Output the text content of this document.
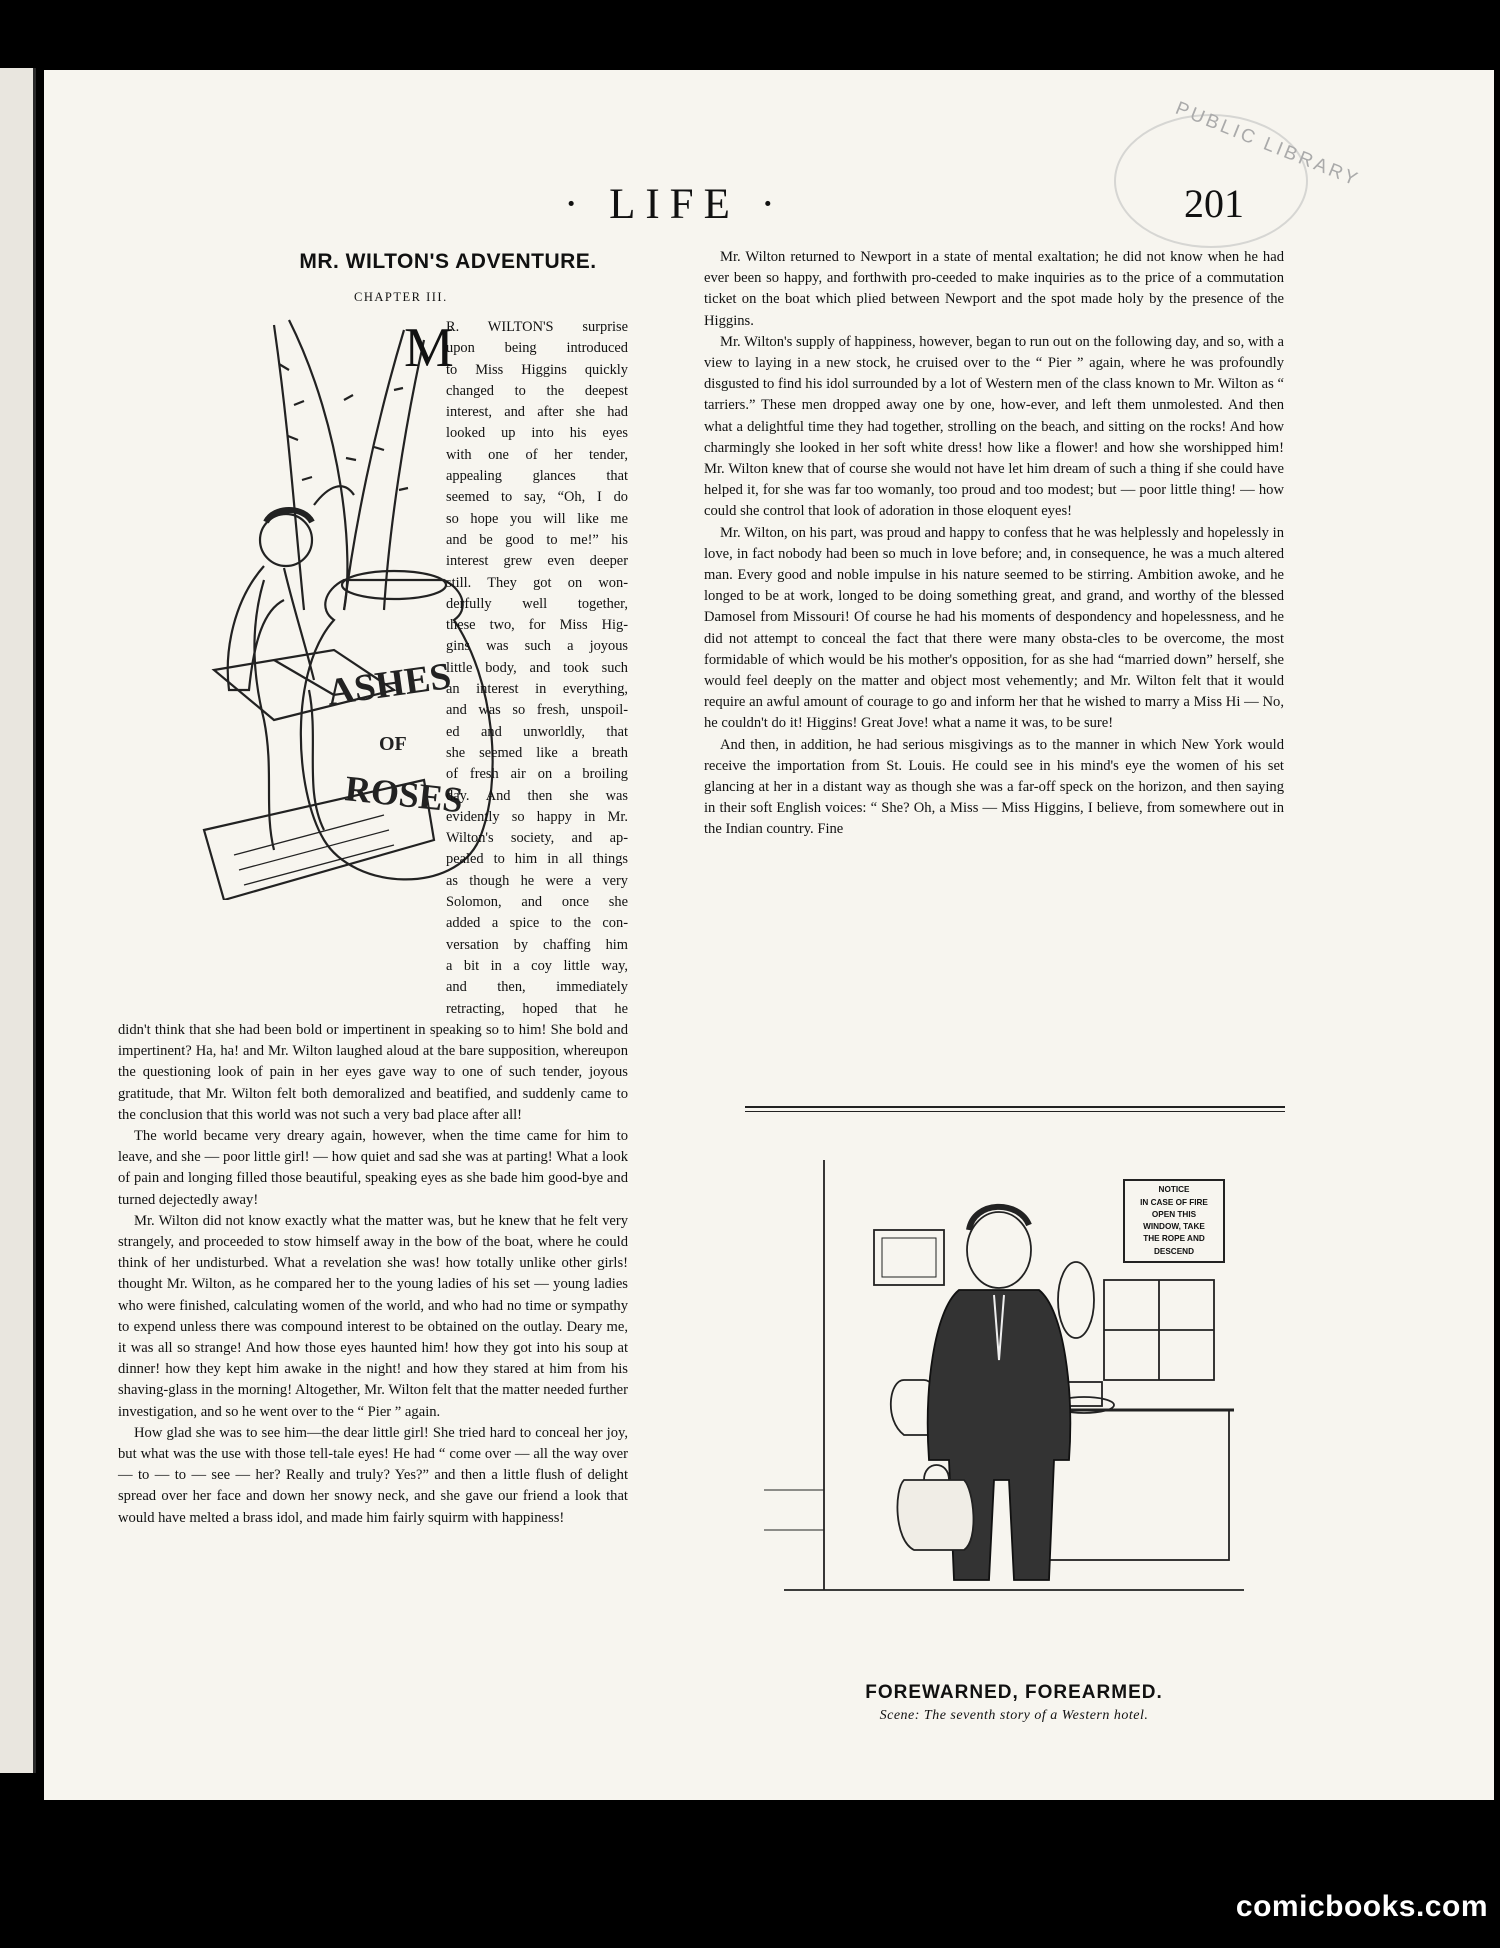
PUBLIC LIBRARY
· LIFE ·	201
MR. WILTON'S ADVENTURE.
CHAPTER III.
ASHES
OF
ROSES
M
R. WILTON'S surprise
upon being introduced
to Miss Higgins quickly
changed to the deepest
interest, and after she had
looked up into his eyes
with one of her tender,
appealing glances that
seemed to say, “Oh, I do
so hope you will like me
and be good to me!” his
interest grew even deeper
still. They got on won-
derfully well together,
these two, for Miss Hig-
gins was such a joyous
little body, and took such
an interest in everything,
and was so fresh, unspoil-
ed and unworldly, that
she seemed like a breath
of fresh air on a broiling
day. And then she was
evidently so happy in Mr.
Wilton's society, and ap-
pealed to him in all things
as though he were a very
Solomon, and once she
added a spice to the con-
versation by chaffing him
a bit in a coy little way,
and then, immediately
retracting, hoped that he

didn't think that she had been bold or impertinent in speaking so to him! She bold and impertinent? Ha, ha! and Mr. Wilton laughed aloud at the bare supposition, whereupon the questioning look of pain in her eyes gave way to one of such tender, joyous gratitude, that Mr. Wilton felt both demoralized and beatified, and suddenly came to the conclusion that this world was not such a very bad place after all!

The world became very dreary again, however, when the time came for him to leave, and she — poor little girl! — how quiet and sad she was at parting! What a look of pain and longing filled those beautiful, speaking eyes as she bade him good-bye and turned dejectedly away!

Mr. Wilton did not know exactly what the matter was, but he knew that he felt very strangely, and proceeded to stow himself away in the bow of the boat, where he could think of her undisturbed. What a revelation she was! how totally unlike other girls! thought Mr. Wilton, as he compared her to the young ladies of his set — young ladies who were finished, calculating women of the world, and who had no time or sympathy to expend unless there was compound interest to be obtained on the outlay. Deary me, it was all so strange! And how those eyes haunted him! how they got into his soup at dinner! how they kept him awake in the night! and how they stared at him from his shaving-glass in the morning! Altogether, Mr. Wilton felt that the matter needed further investigation, and so he went over to the “ Pier ” again.

How glad she was to see him—the dear little girl! She tried hard to conceal her joy, but what was the use with those tell-tale eyes! He had “ come over — all the way over — to — to — see — her? Really and truly? Yes?” and then a little flush of delight spread over her face and down her snowy neck, and she gave our friend a look that would have melted a brass idol, and made him fairly squirm with happiness!

Mr. Wilton returned to Newport in a state of mental exaltation; he did not know when he had ever been so happy, and forthwith pro-ceeded to make inquiries as to the price of a commutation ticket on the boat which plied between Newport and the spot made holy by the presence of the Higgins.

Mr. Wilton's supply of happiness, however, began to run out on the following day, and so, with a view to laying in a new stock, he cruised over to the “ Pier ” again, where he was profoundly disgusted to find his idol surrounded by a lot of Western men of the class known to Mr. Wilton as “ tarriers.” These men dropped away one by one, how-ever, and left them unmolested. And then what a delightful time they had together, strolling on the beach, and sitting on the rocks! And how charmingly she looked in her soft white dress! how like a flower! and how she worshipped him! Mr. Wilton knew that of course she would not have let him dream of such a thing if she could have helped it, for she was far too womanly, too proud and too modest; but — poor little thing! — how could she control that look of adoration in those eloquent eyes!

Mr. Wilton, on his part, was proud and happy to confess that he was helplessly and hopelessly in love, in fact nobody had been so much in love before; and, in consequence, he was a much altered man. Every good and noble impulse in his nature seemed to be stirring. Ambition awoke, and he longed to be at work, longed to be doing something great, and grand, and worthy of the blessed Damosel from Missouri! Of course he had his moments of despondency and hopelessness, and he did not attempt to conceal the fact that there were many obsta-cles to be overcome, the most formidable of which would be his mother's opposition, for as she had “married down” herself, she would feel deeply on the matter and object most vehemently; and Mr. Wilton felt that it would require an awful amount of courage to go and inform her that he wished to marry a Miss Hi — No, he couldn't do it! Higgins! Great Jove! what a name it was, to be sure!

And then, in addition, he had serious misgivings as to the manner in which New York would receive the importation from St. Louis. He could see in his mind's eye the women of his set glancing at her in a distant way as though she was a far-off speck on the horizon, and then saying in their soft English voices: “ She? Oh, a Miss — Miss Higgins, I believe, from somewhere out in the Indian country. Fine

NOTICE
IN CASE OF FIRE
OPEN THIS
WINDOW, TAKE
THE ROPE AND
DESCEND
FOREWARNED, FOREARMED.
Scene: The seventh story of a Western hotel.
comicbooks.com
